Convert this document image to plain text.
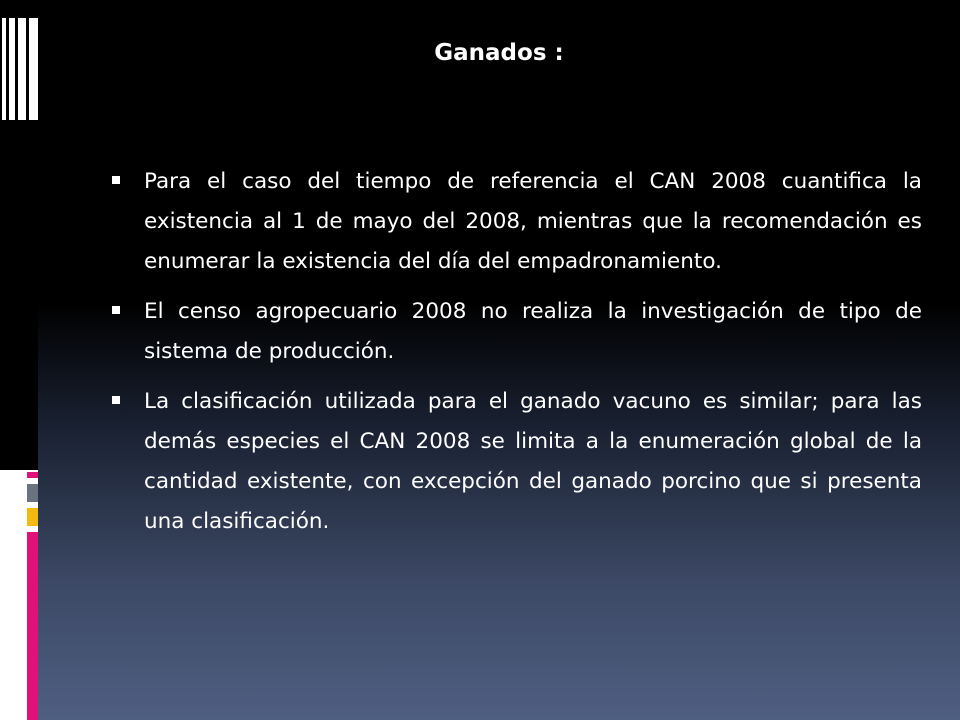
Ganados :
Para el caso del tiempo de referencia el CAN 2008 cuantifica la existencia al 1 de mayo del 2008, mientras que la recomendación es enumerar la existencia del día del empadronamiento.
El censo agropecuario 2008 no realiza la investigación de tipo de sistema de producción.
La clasificación utilizada para el ganado vacuno es similar; para las demás especies el CAN 2008 se limita a la enumeración global de la cantidad existente, con excepción del ganado porcino que si presenta una clasificación.
